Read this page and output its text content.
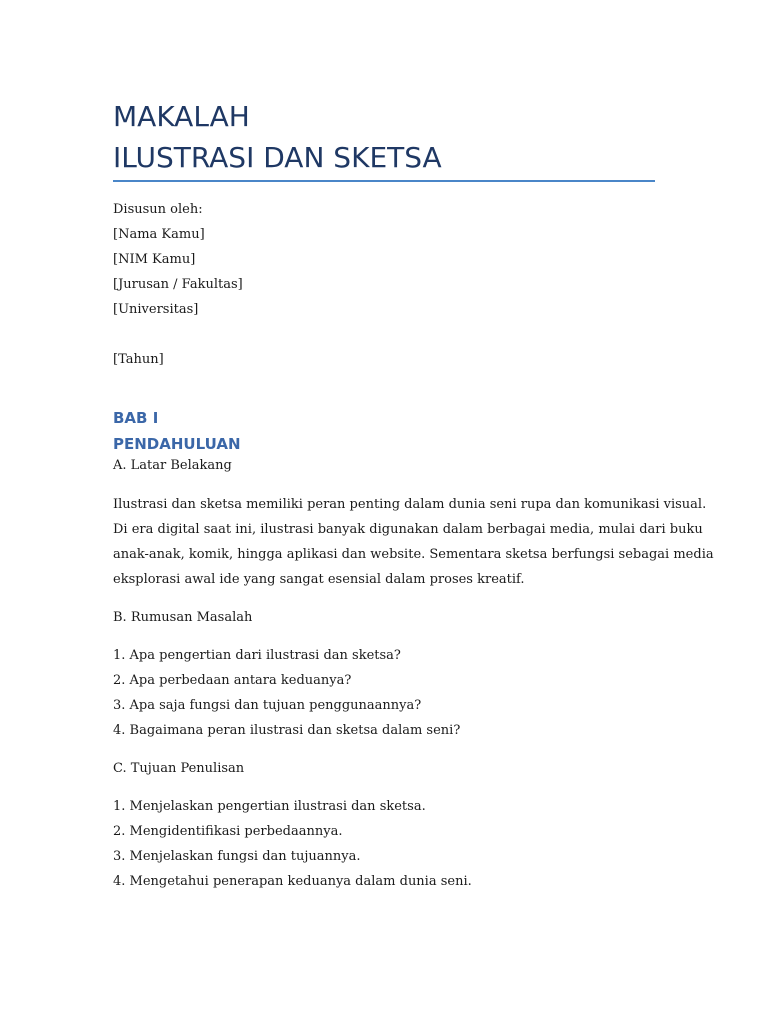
MAKALAH
ILUSTRASI DAN SKETSA
Disusun oleh:
[Nama Kamu]
[NIM Kamu]
[Jurusan / Fakultas]
[Universitas]
[Tahun]
BAB I
PENDAHULUAN
A. Latar Belakang
Ilustrasi dan sketsa memiliki peran penting dalam dunia seni rupa dan komunikasi visual.
Di era digital saat ini, ilustrasi banyak digunakan dalam berbagai media, mulai dari buku
anak-anak, komik, hingga aplikasi dan website. Sementara sketsa berfungsi sebagai media
eksplorasi awal ide yang sangat esensial dalam proses kreatif.
B. Rumusan Masalah
1. Apa pengertian dari ilustrasi dan sketsa?
2. Apa perbedaan antara keduanya?
3. Apa saja fungsi dan tujuan penggunaannya?
4. Bagaimana peran ilustrasi dan sketsa dalam seni?
C. Tujuan Penulisan
1. Menjelaskan pengertian ilustrasi dan sketsa.
2. Mengidentifikasi perbedaannya.
3. Menjelaskan fungsi dan tujuannya.
4. Mengetahui penerapan keduanya dalam dunia seni.
